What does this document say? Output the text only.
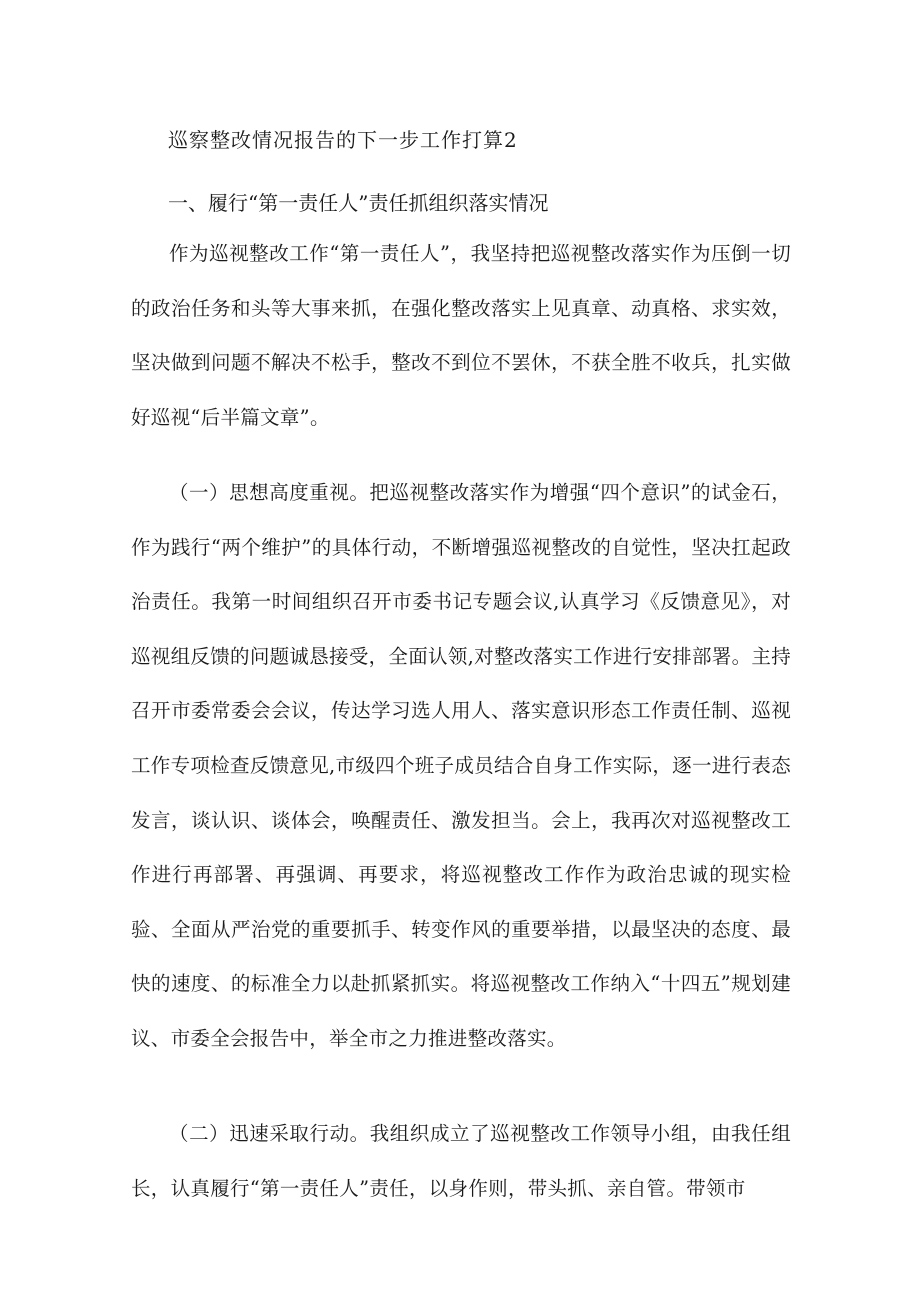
巡察整改情况报告的下一步工作打算2
一、履行“第一责任人”责任抓组织落实情况

作为巡视整改工作“第一责任人”，我坚持把巡视整改落实作为压倒一切的政治任务和头等大事来抓，在强化整改落实上见真章、动真格、求实效，坚决做到问题不解决不松手，整改不到位不罢休，不获全胜不收兵，扎实做好巡视“后半篇文章”。

（一）思想高度重视。把巡视整改落实作为增强“四个意识”的试金石，作为践行“两个维护”的具体行动，不断增强巡视整改的自觉性，坚决扛起政治责任。我第一时间组织召开市委书记专题会议,认真学习《反馈意见》，对巡视组反馈的问题诚恳接受，全面认领,对整改落实工作进行安排部署。主持召开市委常委会会议，传达学习选人用人、落实意识形态工作责任制、巡视工作专项检查反馈意见,市级四个班子成员结合自身工作实际，逐一进行表态发言，谈认识、谈体会，唤醒责任、激发担当。会上，我再次对巡视整改工作进行再部署、再强调、再要求，将巡视整改工作作为政治忠诚的现实检验、全面从严治党的重要抓手、转变作风的重要举措，以最坚决的态度、最快的速度、的标准全力以赴抓紧抓实。将巡视整改工作纳入“十四五”规划建议、市委全会报告中，举全市之力推进整改落实。

（二）迅速采取行动。我组织成立了巡视整改工作领导小组，由我任组长，认真履行“第一责任人”责任，以身作则，带头抓、亲自管。带领市
